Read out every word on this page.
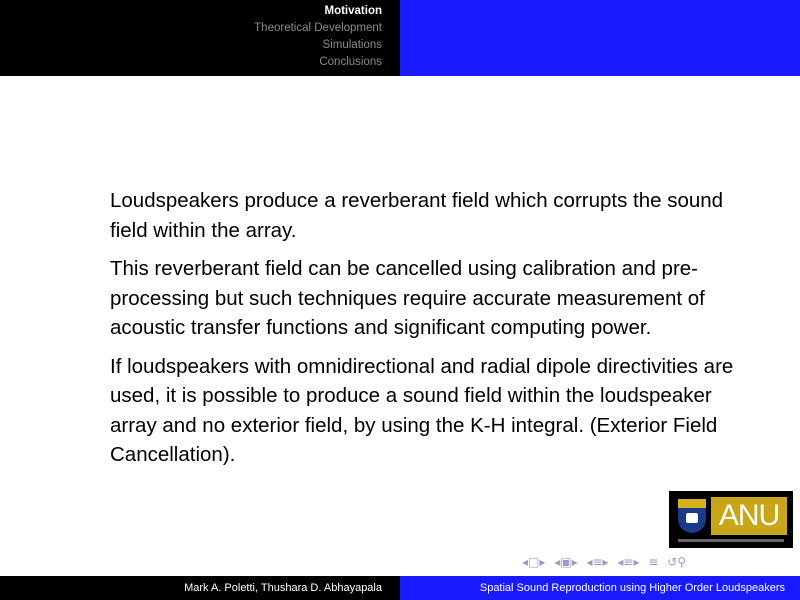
Motivation
Theoretical Development
Simulations
Conclusions

Loudspeakers produce a reverberant field which corrupts the sound field within the array.

This reverberant field can be cancelled using calibration and pre-processing but such techniques require accurate measurement of acoustic transfer functions and significant computing power.

If loudspeakers with omnidirectional and radial dipole directivities are used, it is possible to produce a sound field within the loudspeaker array and no exterior field, by using the K-H integral. (Exterior Field Cancellation).

ANU
◂□▸ ◂▣▸ ◂≡▸ ◂≡▸ ≡ ↺⚲
Mark A. Poletti, Thushara D. Abhayapala	Spatial Sound Reproduction using Higher Order Loudspeakers
